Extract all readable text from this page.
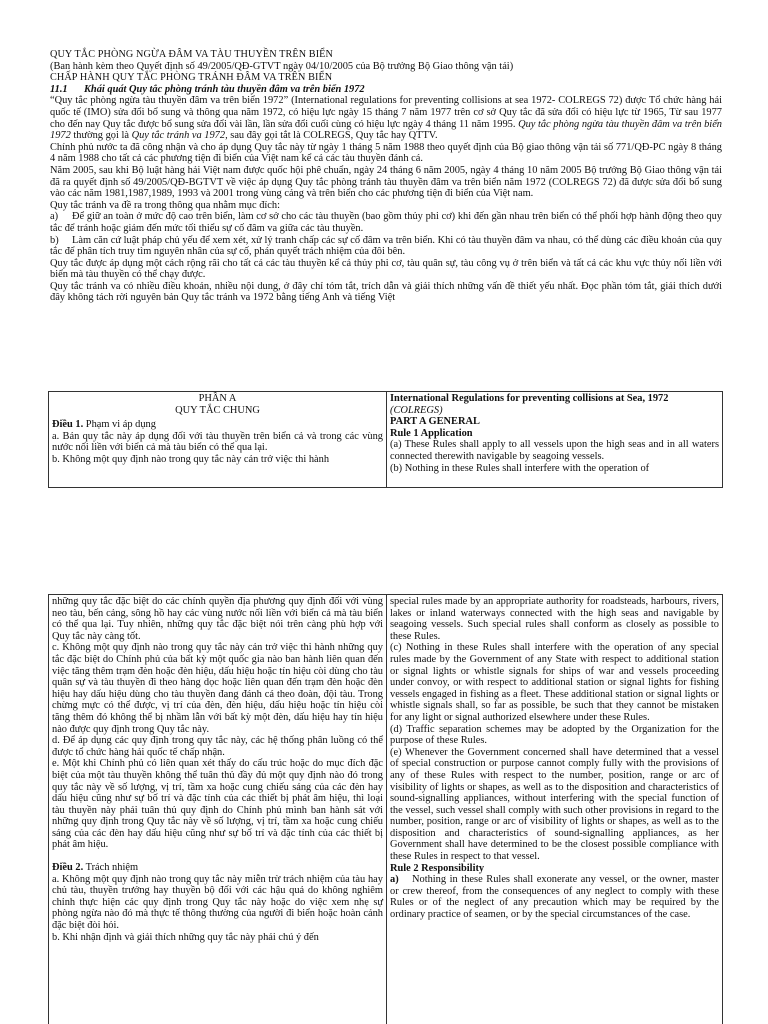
QUY TẮC PHÒNG NGỪA ĐÂM VA TÀU THUYỀN TRÊN BIỂN

(Ban hành kèm theo Quyết định số 49/2005/QĐ-GTVT ngày 04/10/2005 của Bộ trưởng Bộ Giao thông vận tải)

CHẤP HÀNH QUY TẮC PHÒNG TRÁNH ĐÂM VA TRÊN BIỂN

11.1 Khái quát Quy tắc phòng tránh tàu thuyền đâm va trên biển 1972

“Quy tắc phòng ngừa tàu thuyền đâm va trên biển 1972” (International regulations for preventing collisions at sea 1972- COLREGS 72) được Tổ chức hàng hải quốc tế (IMO) sửa đổi bổ sung và thông qua năm 1972, có hiệu lực ngày 15 tháng 7 năm 1977 trên cơ sở Quy tắc đã sửa đổi có hiệu lực từ 1965, Từ sau 1977 cho đến nay Quy tắc được bổ sung sửa đổi vài lần, lần sửa đổi cuối cùng có hiệu lực ngày 4 tháng 11 năm 1995. Quy tắc phòng ngừa tàu thuyền đâm va trên biển 1972 thường gọi là Quy tắc tránh va 1972, sau đây gọi tắt là COLREGS, Quy tắc hay QTTV.

Chính phủ nước ta đã công nhận và cho áp dụng Quy tắc này từ ngày 1 tháng 5 năm 1988 theo quyết định của Bộ giao thông vận tải số 771/QĐ-PC ngày 8 tháng 4 năm 1988 cho tất cả các phương tiện đi biển của Việt nam kể cả các tàu thuyền đánh cá.

Năm 2005, sau khi Bộ luật hàng hải Việt nam được quốc hội phê chuẩn, ngày 24 tháng 6 năm 2005, ngày 4 tháng 10 năm 2005 Bộ trưởng Bộ Giao thông vận tải đã ra quyết định số 49/2005/QĐ-BGTVT về việc áp dụng Quy tắc phòng tránh tàu thuyền đâm va trên biển năm 1972 (COLREGS 72) đã được sửa đổi bổ sung vào các năm 1981,1987,1989, 1993 và 2001 trong vùng cảng và trên biển cho các phương tiện đi biển của Việt nam.

Quy tắc tránh va đề ra trong thông qua nhằm mục đích:

a) Để giữ an toàn ở mức độ cao trên biển, làm cơ sở cho các tàu thuyền (bao gồm thủy phi cơ) khi đến gần nhau trên biển có thể phối hợp hành động theo quy tắc để tránh hoặc giảm đến mức tối thiểu sự cố đâm va giữa các tàu thuyền.

b) Làm căn cứ luật pháp chủ yếu để xem xét, xử lý tranh chấp các sự cố đâm va trên biển. Khi có tàu thuyền đâm va nhau, có thể dùng các điều khoản của quy tắc để phân tích truy tìm nguyên nhân của sự cố, phán quyết trách nhiệm của đôi bên.

Quy tắc được áp dụng một cách rộng rãi cho tất cả các tàu thuyền kể cả thủy phi cơ, tàu quân sự, tàu công vụ ở trên biển và tất cả các khu vực thủy nối liền với biển mà tàu thuyền có thể chạy được.

Quy tắc tránh va có nhiều điều khoản, nhiều nội dung, ở đây chỉ tóm tắt, trích dẫn và giải thích những vấn đề thiết yếu nhất. Đọc phần tóm tắt, giải thích dưới đây không tách rời nguyên bản Quy tắc tránh va 1972 bằng tiếng Anh và tiếng Việt

PHẦN A

QUY TẮC CHUNG

Điều 1. Phạm vi áp dụng

a. Bản quy tắc này áp dụng đối với tàu thuyền trên biển cả và trong các vùng nước nối liền với biển cả mà tàu biển có thể qua lại.

b. Không một quy định nào trong quy tắc này cản trở việc thi hành

International Regulations for preventing collisions at Sea, 1972

(COLREGS)

PART A GENERAL

Rule 1 Application

(a) These Rules shall apply to all vessels upon the high seas and in all waters connected therewith navigable by seagoing vessels.

(b) Nothing in these Rules shall interfere with the operation of

những quy tắc đặc biệt do các chính quyền địa phương quy định đối với vùng neo tàu, bến cảng, sông hồ hay các vùng nước nối liền với biển cả mà tàu biển có thể qua lại. Tuy nhiên, những quy tắc đặc biệt nói trên càng phù hợp với Quy tắc này càng tốt.

c. Không một quy định nào trong quy tắc này cản trở việc thi hành những quy tắc đặc biệt do Chính phủ của bất kỳ một quốc gia nào ban hành liên quan đến việc tăng thêm trạm đèn hoặc đèn hiệu, dấu hiệu hoặc tín hiệu còi dùng cho tàu quân sự và tàu thuyền đi theo hàng dọc hoặc liên quan đến trạm đèn hoặc đèn hiệu hay dấu hiệu dùng cho tàu thuyền đang đánh cá theo đoàn, đội tàu. Trong chừng mực có thể được, vị trí của đèn, đèn hiệu, dấu hiệu hoặc tín hiệu còi tăng thêm đó không thể bị nhầm lẫn với bất kỳ một đèn, dấu hiệu hay tín hiệu nào được quy định trong Quy tắc này.

d. Để áp dụng các quy định trong quy tắc này, các hệ thống phân luồng có thể được tổ chức hàng hải quốc tế chấp nhận.

e. Một khi Chính phủ có liên quan xét thấy do cấu trúc hoặc do mục đích đặc biệt của một tàu thuyền không thể tuân thủ đầy đủ một quy định nào đó trong quy tắc này về số lượng, vị trí, tầm xa hoặc cung chiếu sáng của các đèn hay dấu hiệu cũng như sự bố trí và đặc tính của các thiết bị phát âm hiệu, thì loại tàu thuyền này phải tuân thủ quy định do Chính phủ mình ban hành sát với những quy định trong Quy tắc này về số lượng, vị trí, tầm xa hoặc cung chiếu sáng của các đèn hay dấu hiệu cũng như sự bố trí và đặc tính của các thiết bị phát âm hiệu.

Điều 2. Trách nhiệm

a. Không một quy định nào trong quy tắc này miễn trừ trách nhiệm của tàu hay chủ tàu, thuyền trưởng hay thuyền bộ đối với các hậu quả do không nghiêm chỉnh thực hiện các quy định trong Quy tắc này hoặc do việc xem nhẹ sự phòng ngừa nào đó mà thực tế thông thường của người đi biển hoặc hoàn cảnh đặc biệt đòi hỏi.

b. Khi nhận định và giải thích những quy tắc này phải chú ý đến

special rules made by an appropriate authority for roadsteads, harbours, rivers, lakes or inland waterways connected with the high seas and navigable by seagoing vessels. Such special rules shall conform as closely as possible to these Rules.

(c) Nothing in these Rules shall interfere with the operation of any special rules made by the Government of any State with respect to additional station or signal lights or whistle signals for ships of war and vessels proceeding under convoy, or with respect to additional station or signal lights for fishing vessels engaged in fishing as a fleet. These additional station or signal lights or whistle signals shall, so far as possible, be such that they cannot be mistaken for any light or signal authorized elsewhere under these Rules.

(d) Traffic separation schemes may be adopted by the Organization for the purpose of these Rules.

(e) Whenever the Government concerned shall have determined that a vessel of special construction or purpose cannot comply fully with the provisions of any of these Rules with respect to the number, position, range or arc of visibility of lights or shapes, as well as to the disposition and characteristics of sound-signalling appliances, without interfering with the special function of the vessel, such vessel shall comply with such other provisions in regard to the number, position, range or arc of visibility of lights or shapes, as well as to the disposition and characteristics of sound-signalling appliances, as her Government shall have determined to be the closest possible compliance with these Rules in respect to that vessel.

Rule 2 Responsibility

a) Nothing in these Rules shall exonerate any vessel, or the owner, master or crew thereof, from the consequences of any neglect to comply with these Rules or of the neglect of any precaution which may be required by the ordinary practice of seamen, or by the special circumstances of the case.
